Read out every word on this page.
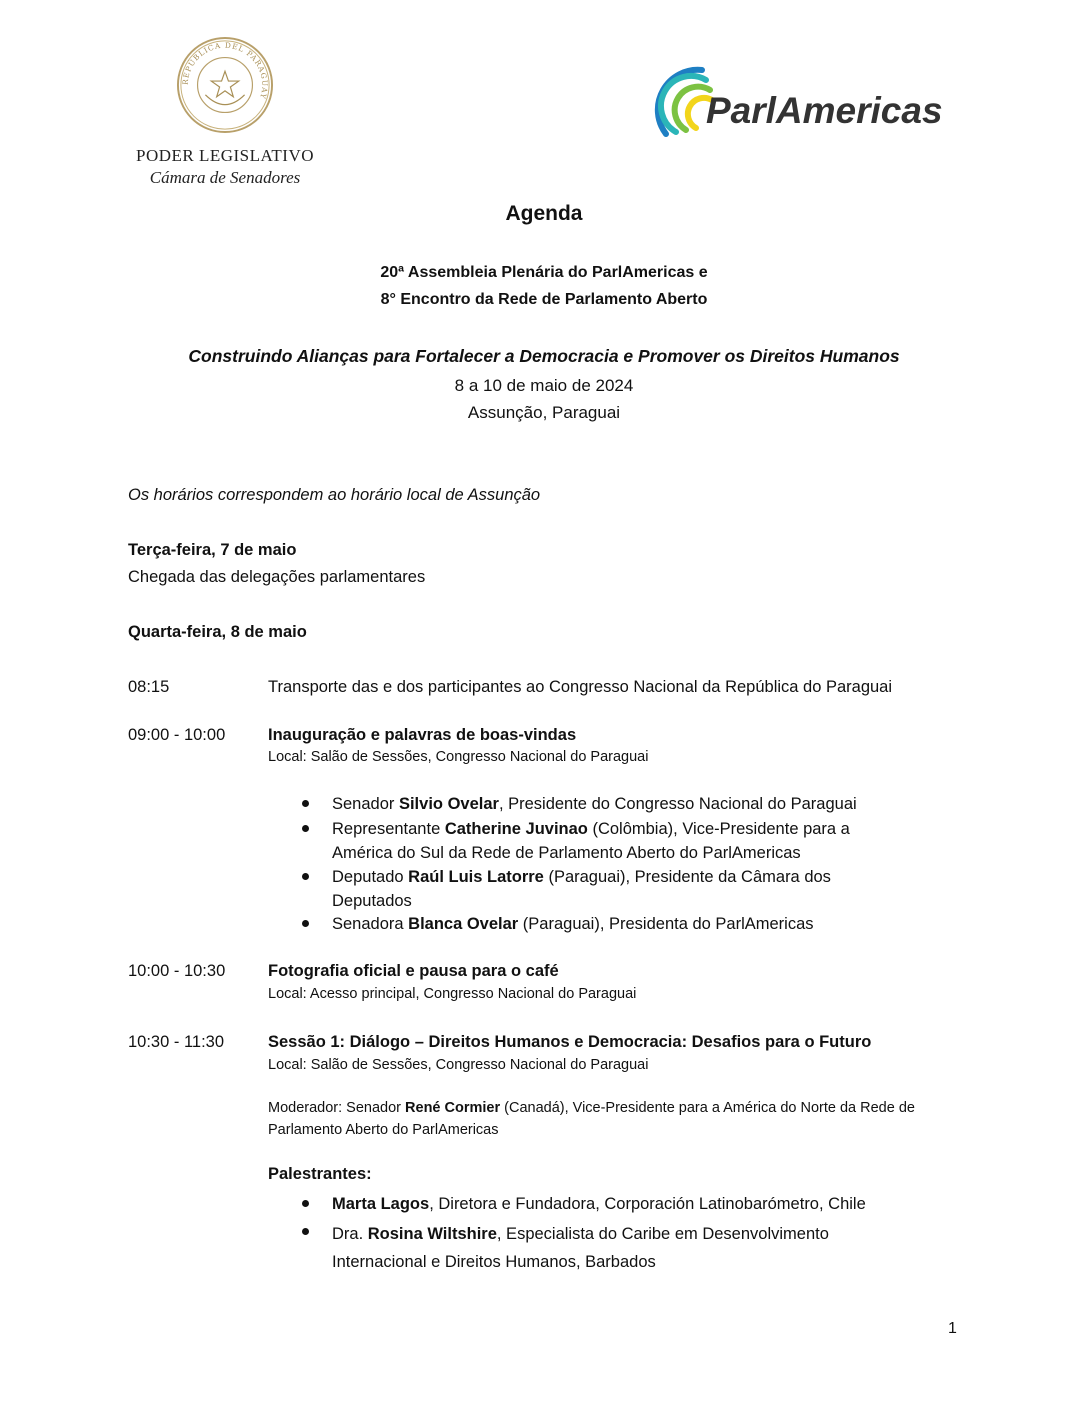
REPÚBLICA DEL PARAGUAY
PODER LEGISLATIVO
Cámara de Senadores
ParlAmericas
Agenda
20ª Assembleia Plenária do ParlAmericas e
8° Encontro da Rede de Parlamento Aberto
Construindo Alianças para Fortalecer a Democracia e Promover os Direitos Humanos
8 a 10 de maio de 2024
Assunção, Paraguai
Os horários correspondem ao horário local de Assunção
Terça-feira, 7 de maio
Chegada das delegações parlamentares
Quarta-feira, 8 de maio
08:15	Transporte das e dos participantes ao Congresso Nacional da República do Paraguai
09:00 - 10:00	Inauguração e palavras de boas-vindas
Local: Salão de Sessões, Congresso Nacional do Paraguai
Senador Silvio Ovelar, Presidente do Congresso Nacional do Paraguai
Representante Catherine Juvinao (Colômbia), Vice-Presidente para a América do Sul da Rede de Parlamento Aberto do ParlAmericas
Deputado Raúl Luis Latorre (Paraguai), Presidente da Câmara dos Deputados
Senadora Blanca Ovelar (Paraguai), Presidenta do ParlAmericas
10:00 - 10:30	Fotografia oficial e pausa para o café
Local: Acesso principal, Congresso Nacional do Paraguai
10:30 - 11:30	Sessão 1: Diálogo – Direitos Humanos e Democracia: Desafios para o Futuro
Local: Salão de Sessões, Congresso Nacional do Paraguai
Moderador: Senador René Cormier (Canadá), Vice-Presidente para a América do Norte da Rede de Parlamento Aberto do ParlAmericas
Palestrantes:
Marta Lagos, Diretora e Fundadora, Corporación Latinobarómetro, Chile
Dra. Rosina Wiltshire, Especialista do Caribe em Desenvolvimento Internacional e Direitos Humanos, Barbados
1
